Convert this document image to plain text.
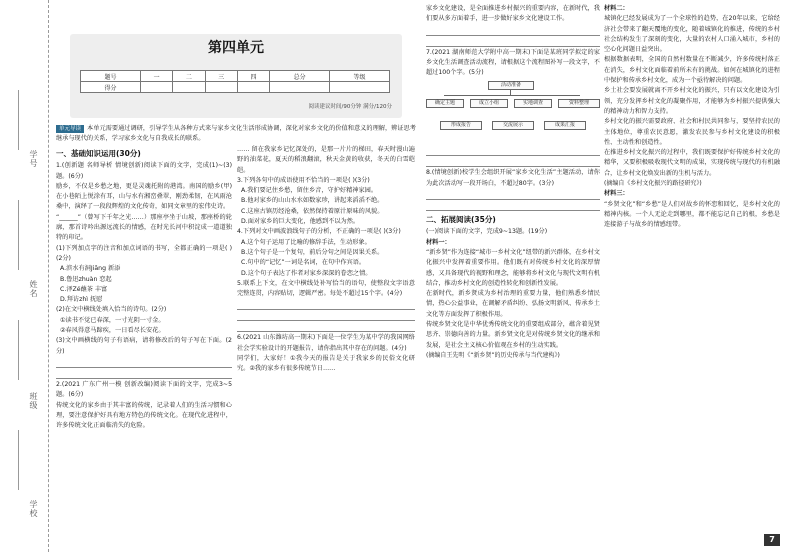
学号
姓名
班级
学校
第四单元
题号	一	二	三	四	总分	等级
得分						
阅读建议时间/90分钟 满分/120分

单元导读 本单元需要通过调研，引导学生从各种方式来与家乡文化生活形成协调，深化对家乡文化的价值和意义的理解，辨证思考继承与现代的关系，学习家乡文化与自我成长的联系。

一、基础知识运用(30分)

1.(创新题 名师导析 情境创新)阅读下面的文字，完成(1)~(3)题。(6分)

励乡，不仅是乡愁之地，更是灵魂托附的港湾。南国的励乡(甲)在小巷陌上悦涂有耳，山与水有湘峦叠翠，刚劲柔韧，在风雨沧桑中，演绎了一段段辉煌的文化传奇，如同文章里的宏伟史诗。

“______”（曾写下千年之光……）那座亭坐于山坡，那座桥的轮廓，那首诗吟出源远流长的情感，在时光长河中积淀成一道道独特的印记。

(1)下列加点字的注音和加点词语的书写，全都正确的一项是( )(2分)

A.滨水有洞Jiāng 新添

B.鲁迅zhuàn 恋起

C.泽Zé蘸茶 丰富

D.拜访zhì 抚慰

(2)在文中横线处填入恰当的诗句。(2分)

①读书不觉已春深，一寸光阴一寸金。

②春风得意马蹄疾，一日看尽长安花。

(3)文中画横线的句子有语病，请将修改后的句子写在下面。(2分)

2.(2021 广东广州一模 创新改编)阅读下面的文字，完成3~5题。(6分)

传统文化的家乡由于其丰富的传统，记录着人们的生活习惯和心理，要注意保护好具有地方特色的传统文化。在现代化进程中，许多传统文化正面临消失的危险。

…… 留在我家乡记忆深处的，是那一片片的梯田，春天时漫山遍野的油菜花，夏天的稻浪翻滚，秋天金黄的收获，冬天的白雪皑皑。

3.下列各句中的成语使用不恰当的一项是( )(3分)

A.我们要记住乡愁，留住乡音，守护好精神家园。

B.他对家乡的山山水水如数家珍，讲起来滔滔不绝。

C.这座古镇历经沧桑，依然保持着原汁原味的风貌。

D.面对家乡的巨大变化，他感到不以为然。

4.下列对文中画波浪线句子的分析，不正确的一项是( )(3分)

A.这个句子运用了比喻的修辞手法，生动形象。

B.这个句子是一个复句，前后分句之间是因果关系。

C.句中的“记忆”一词是名词，在句中作宾语。

D.这个句子表达了作者对家乡深深的眷恋之情。

5.联系上下文，在文中横线处补写恰当的语句，使整段文字语意完整连贯，内容贴切，逻辑严密。每处不超过15个字。(4分)

6.(2021 山东潍坊高一期末)下面是一位学生为某中学的我国网络社会学实验设计的开题报告，请你指出其中存在的问题。(4分)

同学们，大家好！①我今天的报告是关于我家乡的民俗文化研究。②我的家乡有很多传统节日……

家乡文化建设，是全面推进乡村振兴的重要内容，在新时代，我们要从多方面着手，进一步做好家乡文化建设工作。

7.(2021 湖南师范大学附中高一期末)下面是某班同学拟定的家乡文化生活调查活动流程，请根据这个流程图补写一段文字，不超过100个字。(5分)

活动准备
确定主题	成立小组	实地调查	资料整理
形成报告	交流展示	成果汇报

8.(情境创新)校学生会组织开展“家乡文化生活”主题活动，请你为此次活动写一段开场白，不超过80字。(3分)

二、拓展阅读(35分)

(一)阅读下面的文字，完成9~13题。(19分)

材料一：

“新乡贤”作为连接“城市一乡村文化”纽带的新兴群体，在乡村文化振兴中发挥着重要作用。他们既有对传统乡村文化的深厚情感，又具备现代的视野和理念，能够将乡村文化与现代文明有机结合，推动乡村文化的创造性转化和创新性发展。

在新时代，新乡贤成为乡村治理的重要力量，他们熟悉乡情民情，热心公益事业，在调解矛盾纠纷、弘扬文明新风、传承乡土文化等方面发挥了积极作用。

传统乡贤文化是中华优秀传统文化的重要组成部分，蕴含着见贤思齐、崇德向善的力量。新乡贤文化是对传统乡贤文化的继承和发展，是社会主义核心价值观在乡村的生动实践。

(摘编自王先明《“新乡贤”的历史传承与当代建构》)

材料二：

城镇化已经发展成为了一个全球性的趋势，在20年以来，它给经济社会带来了翻天覆地的变化，随着城镇化的推进，传统的乡村社会结构发生了深刻的变化，大量的农村人口涌入城市，乡村的空心化问题日益突出。

根据数据表明，全国的自然村数量在不断减少，许多传统村落正在消失，乡村文化面临着前所未有的挑战。如何在城镇化的进程中保护和传承乡村文化，成为一个亟待解决的问题。

乡土社会要发展就离不开乡村文化的振兴，只有以文化建设为引领，充分发挥乡村文化的凝聚作用，才能够为乡村振兴提供强大的精神动力和智力支持。

乡村文化的振兴需要政府、社会和村民共同参与，要坚持农民的主体地位，尊重农民意愿，激发农民参与乡村文化建设的积极性、主动性和创造性。

在推进乡村文化振兴的过程中，我们既要保护好传统乡村文化的精华，又要积极吸收现代文明的成果，实现传统与现代的有机融合，让乡村文化焕发出新的生机与活力。

(摘编自《乡村文化振兴的路径研究》)

材料三：

“乡贤文化”和“乡愁”是人们对故乡的怀恋和回忆，是乡村文化的精神内核。一个人无论走到哪里，都不能忘记自己的根，乡愁是连接游子与故乡的情感纽带。

7
